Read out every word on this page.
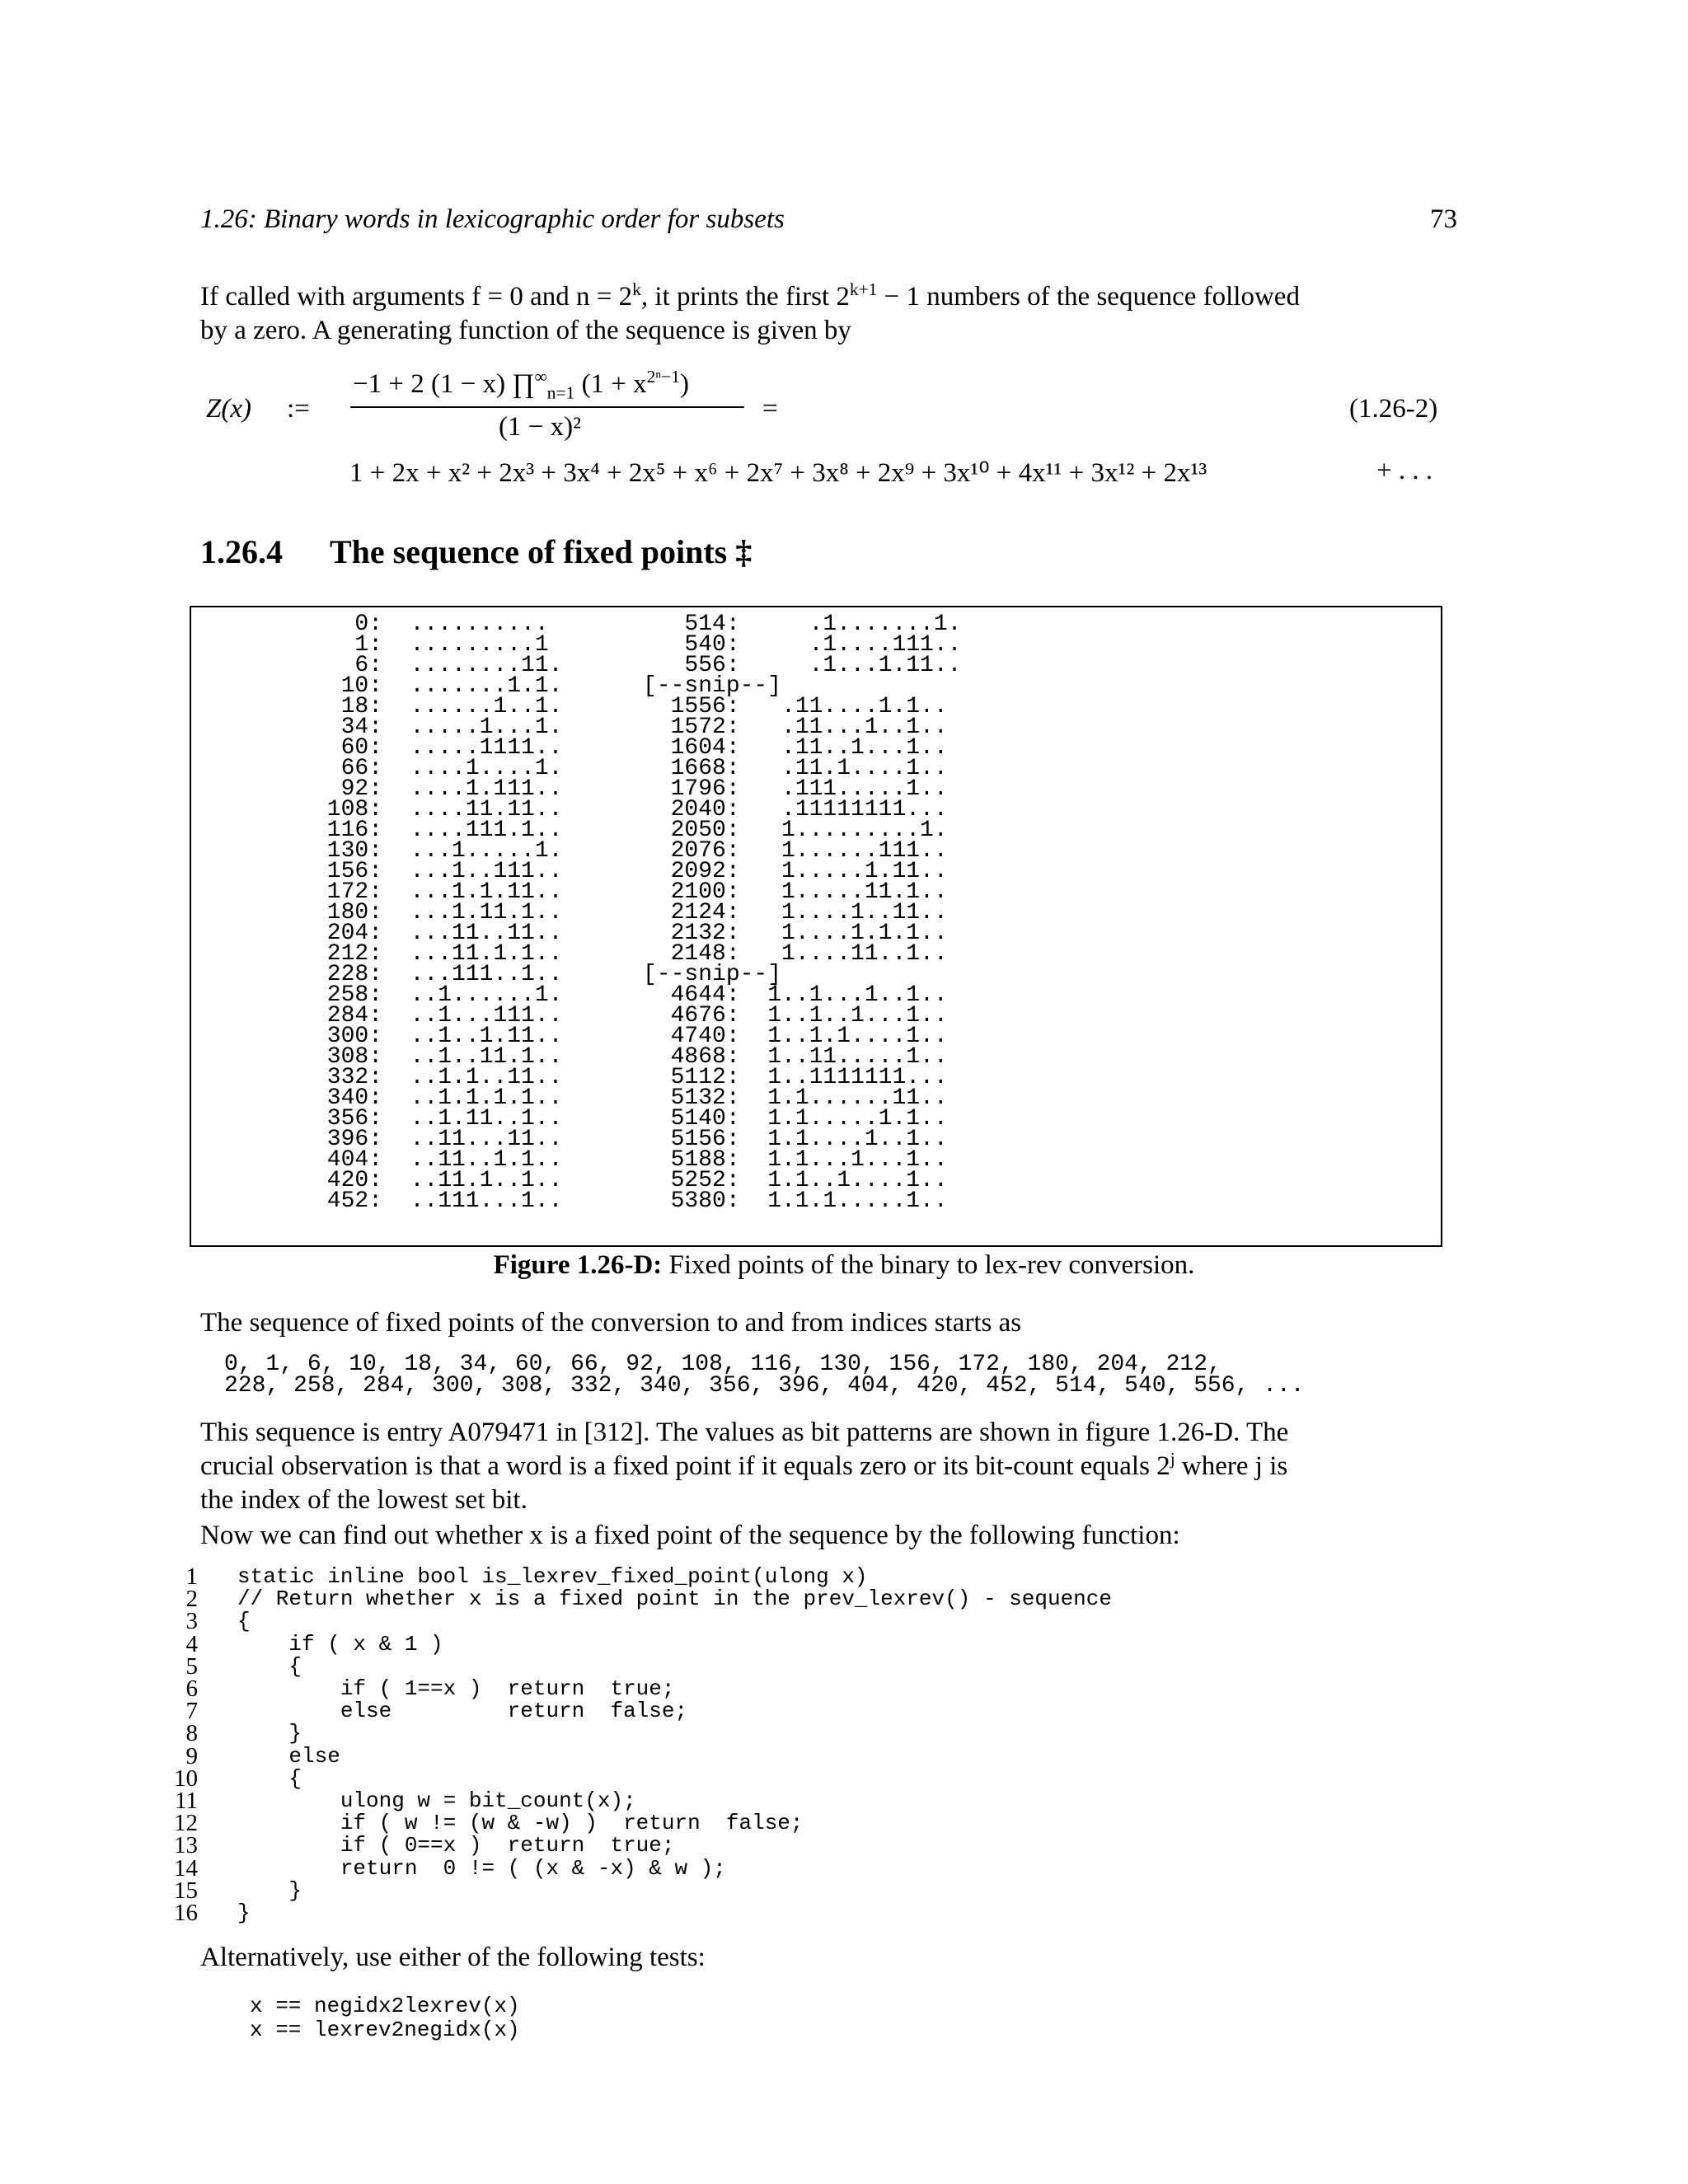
1.26: Binary words in lexicographic order for subsets	73
If called with arguments f = 0 and $n = 2^k$, it prints the first $2^{k+1} - 1$ numbers of the sequence followed
by a zero. A generating function of the sequence is given by
Z(x) :=
−1 + 2 (1 − x) $\prod^\infty_{n=1}$ $(1 + x^{2^n-1})$
(1 − x)²
=	(1.26-2)
1 + 2x + x² + 2x³ + 3x⁴ + 2x⁵ + x⁶ + 2x⁷ + 3x⁸ + 2x⁹ + 3x¹⁰ + 4x¹¹ + 3x¹² + 2x¹³	+ . . .
1.26.4 The sequence of fixed points ‡
0:  ..........
1:  .........1
6:  ........11.
10:  .......1.1.
18:  ......1..1.
34:  .....1...1.
60:  .....1111..
66:  ....1....1.
92:  ....1.111..
108:  ....11.11..
116:  ....111.1..
130:  ...1.....1.
156:  ...1..111..
172:  ...1.1.11..
180:  ...1.11.1..
204:  ...11..11..
212:  ...11.1.1..
228:  ...111..1..
258:  ..1......1.
284:  ..1...111..
300:  ..1..1.11..
308:  ..1..11.1..
332:  ..1.1..11..
340:  ..1.1.1.1..
356:  ..1.11..1..
396:  ..11...11..
404:  ..11..1.1..
420:  ..11.1..1..
452:  ..111...1..
514:     .1.......1.
540:     .1....111..
556:     .1...1.11..
[--snip--]
1556:   .11....1.1..
1572:   .11...1..1..
1604:   .11..1...1..
1668:   .11.1....1..
1796:   .111.....1..
2040:   .11111111...
2050:   1.........1.
2076:   1......111..
2092:   1.....1.11..
2100:   1.....11.1..
2124:   1....1..11..
2132:   1....1.1.1..
2148:   1....11..1..
[--snip--]
4644:  1..1...1..1..
4676:  1..1..1...1..
4740:  1..1.1....1..
4868:  1..11.....1..
5112:  1..1111111...
5132:  1.1......11..
5140:  1.1.....1.1..
5156:  1.1....1..1..
5188:  1.1...1...1..
5252:  1.1..1....1..
5380:  1.1.1.....1..
Figure 1.26-D: Fixed points of the binary to lex-rev conversion.
The sequence of fixed points of the conversion to and from indices starts as
0, 1, 6, 10, 18, 34, 60, 66, 92, 108, 116, 130, 156, 172, 180, 204, 212,
228, 258, 284, 300, 308, 332, 340, 356, 396, 404, 420, 452, 514, 540, 556, ...
This sequence is entry A079471 in [312]. The values as bit patterns are shown in figure 1.26-D. The
crucial observation is that a word is a fixed point if it equals zero or its bit-count equals 2$^j$ where j is
the index of the lowest set bit.
Now we can find out whether x is a fixed point of the sequence by the following function:
1
2
3
4
5
6
7
8
9
10
11
12
13
14
15
16
static inline bool is_lexrev_fixed_point(ulong x)
// Return whether x is a fixed point in the prev_lexrev() - sequence
{
if ( x & 1 )
{
if ( 1==x )  return  true;
else         return  false;
}
else
{
ulong w = bit_count(x);
if ( w != (w & -w) )  return  false;
if ( 0==x )  return  true;
return  0 != ( (x & -x) & w );
}
}
Alternatively, use either of the following tests:
x == negidx2lexrev(x)
x == lexrev2negidx(x)
